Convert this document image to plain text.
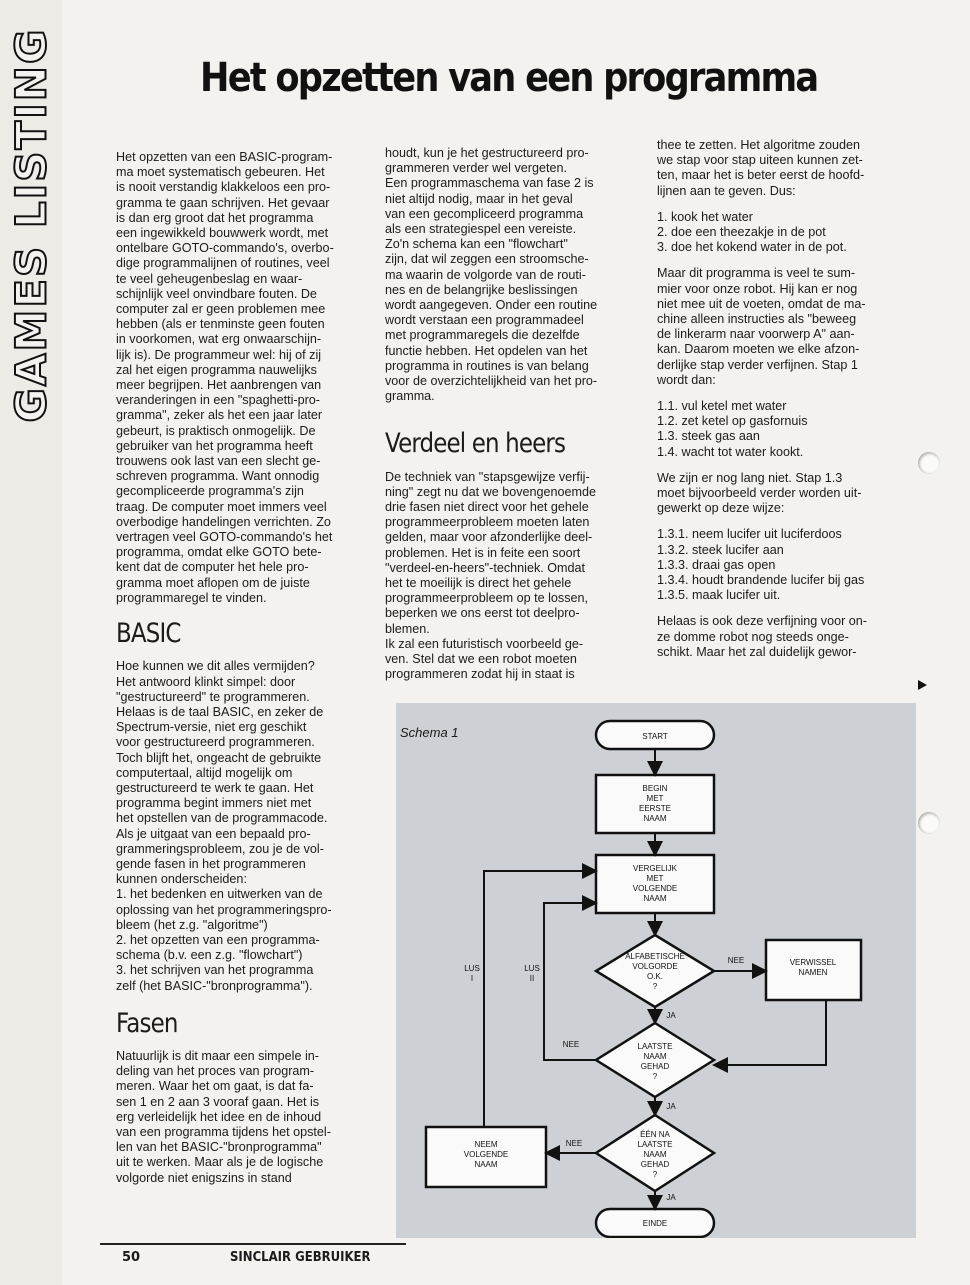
GAMES LISTING	Het opzetten van een programma

Het opzetten van een BASIC-program-
ma moet systematisch gebeuren. Het
is nooit verstandig klakkeloos een pro-
gramma te gaan schrijven. Het gevaar
is dan erg groot dat het programma
een ingewikkeld bouwwerk wordt, met
ontelbare GOTO-commando's, overbo-
dige programmalijnen of routines, veel
te veel geheugenbeslag en waar-
schijnlijk veel onvindbare fouten. De
computer zal er geen problemen mee
hebben (als er tenminste geen fouten
in voorkomen, wat erg onwaarschijn-
lijk is). De programmeur wel: hij of zij
zal het eigen programma nauwelijks
meer begrijpen. Het aanbrengen van
veranderingen in een "spaghetti-pro-
gramma", zeker als het een jaar later
gebeurt, is praktisch onmogelijk. De
gebruiker van het programma heeft
trouwens ook last van een slecht ge-
schreven programma. Want onnodig
gecompliceerde programma's zijn
traag. De computer moet immers veel
overbodige handelingen verrichten. Zo
vertragen veel GOTO-commando's het
programma, omdat elke GOTO bete-
kent dat de computer het hele pro-
gramma moet aflopen om de juiste
programmaregel te vinden.

BASIC

Hoe kunnen we dit alles vermijden?
Het antwoord klinkt simpel: door
"gestructureerd" te programmeren.
Helaas is de taal BASIC, en zeker de
Spectrum-versie, niet erg geschikt
voor gestructureerd programmeren.
Toch blijft het, ongeacht de gebruikte
computertaal, altijd mogelijk om
gestructureerd te werk te gaan. Het
programma begint immers niet met
het opstellen van de programmacode.
Als je uitgaat van een bepaald pro-
grammeringsprobleem, zou je de vol-
gende fasen in het programmeren
kunnen onderscheiden:
1. het bedenken en uitwerken van de
oplossing van het programmeringspro-
bleem (het z.g. "algoritme")
2. het opzetten van een programma-
schema (b.v. een z.g. "flowchart")
3. het schrijven van het programma
zelf (het BASIC-"bronprogramma").

Fasen

Natuurlijk is dit maar een simpele in-
deling van het proces van program-
meren. Waar het om gaat, is dat fa-
sen 1 en 2 aan 3 vooraf gaan. Het is
erg verleidelijk het idee en de inhoud
van een programma tijdens het opstel-
len van het BASIC-"bronprogramma"
uit te werken. Maar als je de logische
volgorde niet enigszins in stand

houdt, kun je het gestructureerd pro-
grammeren verder wel vergeten.
Een programmaschema van fase 2 is
niet altijd nodig, maar in het geval
van een gecompliceerd programma
als een strategiespel een vereiste.
Zo'n schema kan een "flowchart"
zijn, dat wil zeggen een stroomsche-
ma waarin de volgorde van de routi-
nes en de belangrijke beslissingen
wordt aangegeven. Onder een routine
wordt verstaan een programmadeel
met programmaregels die dezelfde
functie hebben. Het opdelen van het
programma in routines is van belang
voor de overzichtelijkheid van het pro-
gramma.

Verdeel en heers

De techniek van "stapsgewijze verfij-
ning" zegt nu dat we bovengenoemde
drie fasen niet direct voor het gehele
programmeerprobleem moeten laten
gelden, maar voor afzonderlijke deel-
problemen. Het is in feite een soort
"verdeel-en-heers"-techniek. Omdat
het te moeilijk is direct het gehele
programmeerprobleem op te lossen,
beperken we ons eerst tot deelpro-
blemen.
Ik zal een futuristisch voorbeeld ge-
ven. Stel dat we een robot moeten
programmeren zodat hij in staat is

thee te zetten. Het algoritme zouden
we stap voor stap uiteen kunnen zet-
ten, maar het is beter eerst de hoofd-
lijnen aan te geven. Dus:

1. kook het water
2. doe een theezakje in de pot
3. doe het kokend water in de pot.

Maar dit programma is veel te sum-
mier voor onze robot. Hij kan er nog
niet mee uit de voeten, omdat de ma-
chine alleen instructies als "beweeg
de linkerarm naar voorwerp A" aan-
kan. Daarom moeten we elke afzon-
derlijke stap verder verfijnen. Stap 1
wordt dan:

1.1. vul ketel met water
1.2. zet ketel op gasfornuis
1.3. steek gas aan
1.4. wacht tot water kookt.

We zijn er nog lang niet. Stap 1.3
moet bijvoorbeeld verder worden uit-
gewerkt op deze wijze:

1.3.1. neem lucifer uit luciferdoos
1.3.2. steek lucifer aan
1.3.3. draai gas open
1.3.4. houdt brandende lucifer bij gas
1.3.5. maak lucifer uit.

Helaas is ook deze verfijning voor on-
ze domme robot nog steeds onge-
schikt. Maar het zal duidelijk gewor-

Schema 1	START
BEGIN
MET
EERSTE
NAAM
VERGELIJK
MET
VOLGENDE
NAAM
ALFABETISCHE
VOLGORDE
O.K.
?
VERWISSEL
NAMEN
LAATSTE
NAAM
GEHAD
?
ÉÉN NA
LAATSTE
NAAM
GEHAD
?
NEEM
VOLGENDE
NAAM
EINDE
NEE
JA
NEE
JA
NEE
JA
LUS
I
LUS
II
50	SINCLAIR GEBRUIKER
